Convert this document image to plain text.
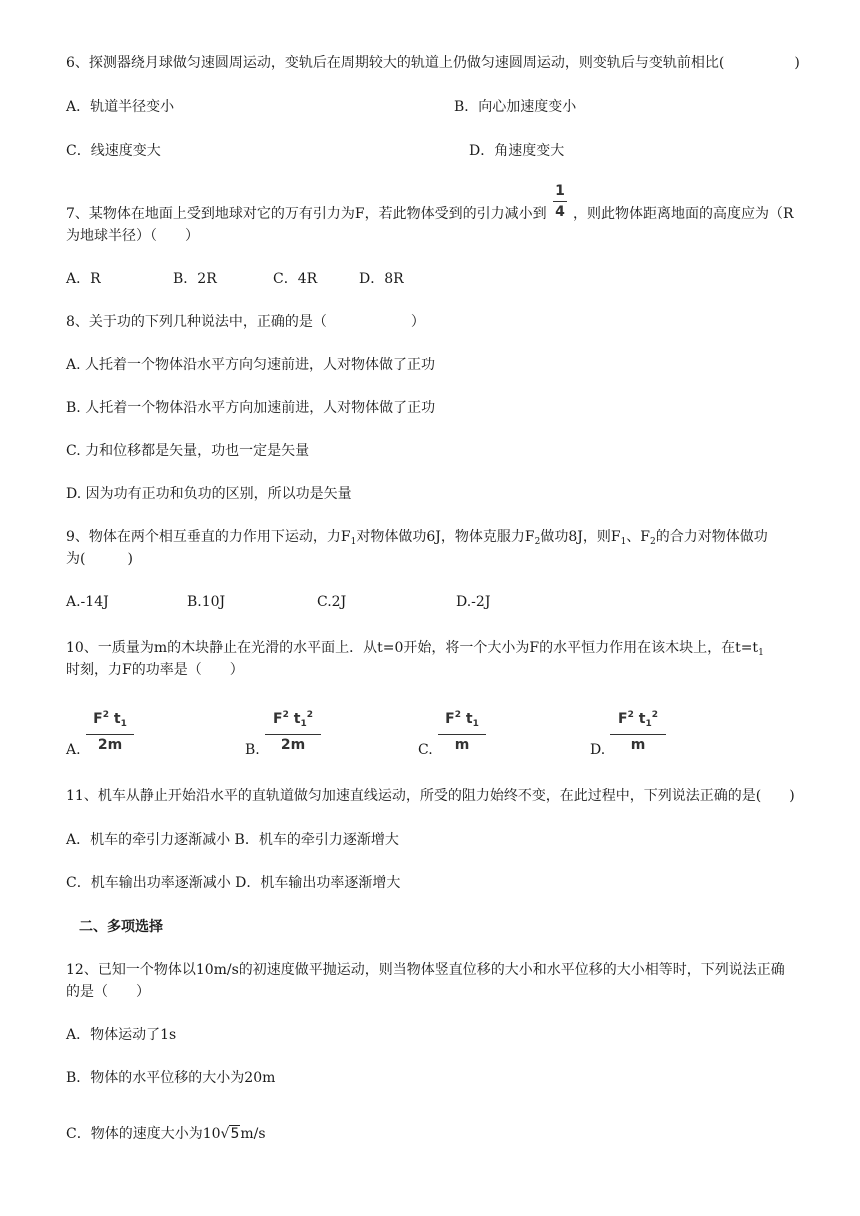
6、探测器绕月球做匀速圆周运动，变轨后在周期较大的轨道上仍做匀速圆周运动，则变轨后与变轨前相比(　　　　　)
A．轨道半径变小	B．向心加速度变小
C．线速度变大	D．角速度变大
7、某物体在地面上受到地球对它的万有引力为F，若此物体受到的引力减小到
1
4 ，则此物体距离地面的高度应为（R
为地球半径）（　　）
A．R	B．2R	C．4R	D．8R
8、关于功的下列几种说法中，正确的是（　　　　　　）
A. 人托着一个物体沿水平方向匀速前进，人对物体做了正功
B. 人托着一个物体沿水平方向加速前进，人对物体做了正功
C. 力和位移都是矢量，功也一定是矢量
D. 因为功有正功和负功的区别，所以功是矢量
9、物体在两个相互垂直的力作用下运动，力$F_1$对物体做功6J，物体克服力$F_2$做功8J，则$F_1$、$F_2$的合力对物体做功
为(　　　)
A.-14J	B.10J	C.2J	D.-2J
10、一质量为m的木块静止在光滑的水平面上．从t=0开始，将一个大小为F的水平恒力作用在该木块上，在$t=t_1$
时刻，力F的功率是（　　）
A.
$F^2$ $t_1$
2m	B.
$F^2$ $t_1^2$
2m	C.
$F^2$ $t_1$
m	D.
$F^2$ $t_1^2$
m
11、机车从静止开始沿水平的直轨道做匀加速直线运动，所受的阻力始终不变，在此过程中，下列说法正确的是(　　)
A．机车的牵引力逐渐减小 B．机车的牵引力逐渐增大
C．机车输出功率逐渐减小 D．机车输出功率逐渐增大
二、多项选择
12、已知一个物体以10m/s的初速度做平抛运动，则当物体竖直位移的大小和水平位移的大小相等时，下列说法正确
的是（　　）
A．物体运动了1s
B．物体的水平位移的大小为20m
C．物体的速度大小为10√5m/s
